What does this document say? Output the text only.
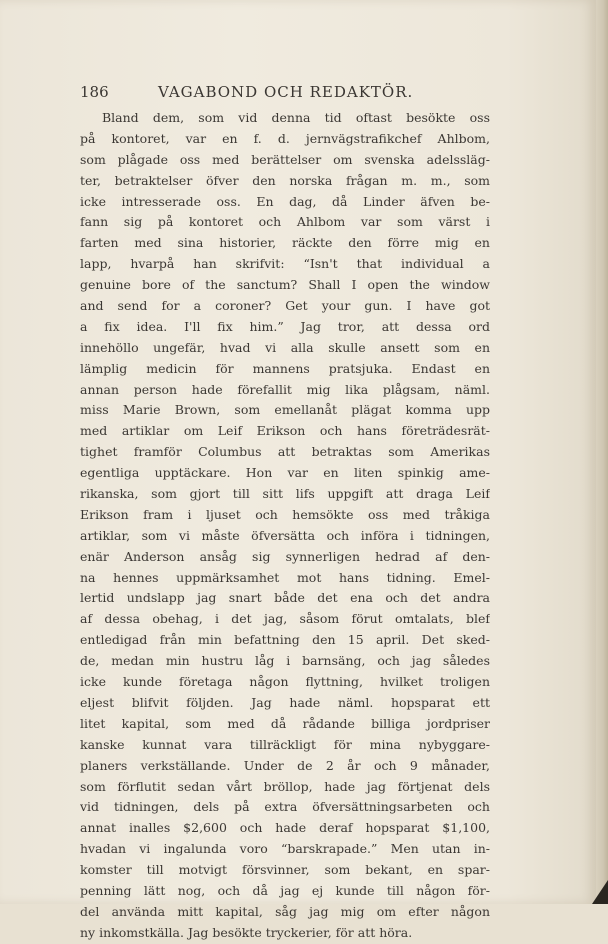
186	VAGABOND OCH REDAKTÖR.
Bland dem, som vid denna tid oftast besökte oss
på kontoret, var en f. d. jernvägstrafikchef Ahlbom,
som plågade oss med berättelser om svenska adelssläg-
ter, betraktelser öfver den norska frågan m. m., som
icke intresserade oss. En dag, då Linder äfven be-
fann sig på kontoret och Ahlbom var som värst i
farten med sina historier, räckte den förre mig en
lapp, hvarpå han skrifvit: “Isn't that individual a
genuine bore of the sanctum? Shall I open the window
and send for a coroner? Get your gun. I have got
a fix idea. I'll fix him.” Jag tror, att dessa ord
innehöllo ungefär, hvad vi alla skulle ansett som en
lämplig medicin för mannens pratsjuka. Endast en
annan person hade förefallit mig lika plågsam, näml.
miss Marie Brown, som emellanåt plägat komma upp
med artiklar om Leif Erikson och hans företrädesrät-
tighet framför Columbus att betraktas som Amerikas
egentliga upptäckare. Hon var en liten spinkig ame-
rikanska, som gjort till sitt lifs uppgift att draga Leif
Erikson fram i ljuset och hemsökte oss med tråkiga
artiklar, som vi måste öfversätta och införa i tidningen,
enär Anderson ansåg sig synnerligen hedrad af den-
na hennes uppmärksamhet mot hans tidning. Emel-
lertid undslapp jag snart både det ena och det andra
af dessa obehag, i det jag, såsom förut omtalats, blef
entledigad från min befattning den 15 april. Det sked-
de, medan min hustru låg i barnsäng, och jag således
icke kunde företaga någon flyttning, hvilket troligen
eljest blifvit följden. Jag hade näml. hopsparat ett
litet kapital, som med då rådande billiga jordpriser
kanske kunnat vara tillräckligt för mina nybyggare-
planers verkställande. Under de 2 år och 9 månader,
som förflutit sedan vårt bröllop, hade jag förtjenat dels
vid tidningen, dels på extra öfversättningsarbeten och
annat inalles $2,600 och hade deraf hopsparat $1,100,
hvadan vi ingalunda voro “barskrapade.” Men utan in-
komster till motvigt försvinner, som bekant, en spar-
penning lätt nog, och då jag ej kunde till någon för-
del använda mitt kapital, såg jag mig om efter någon
ny inkomstkälla. Jag besökte tryckerier, för att höra.
